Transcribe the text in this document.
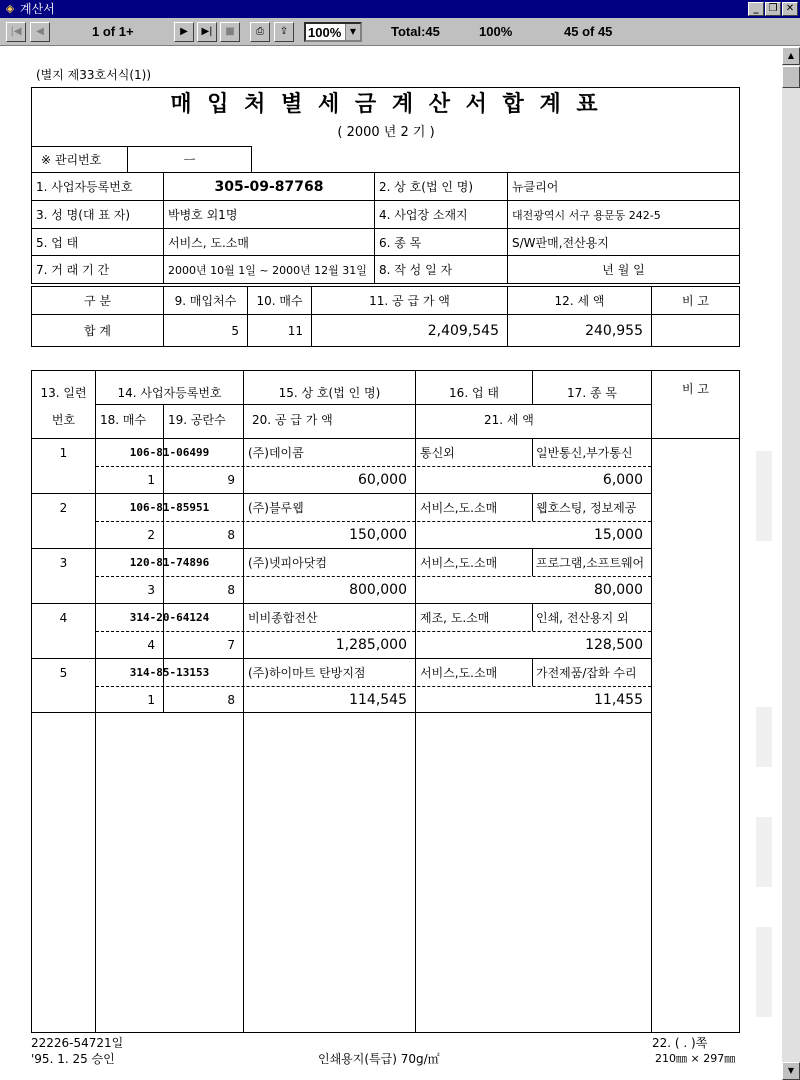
◈ 계산서	_	❐ ✕
|◀	◀	1 of 1+	▶	▶|	■	⎙	⇪	100%	▼	Total:45	100%	45 of 45
▲
▼
(별지 제33호서식(1))
매 입 처 별 세 금 계 산 서 합 계 표
( 2000 년 2 기 )
※ 관리번호	ㅡ
1. 사업자등록번호	305-09-87768	2. 상 호(법 인 명)	뉴클리어
3. 성 명(대 표 자)	박병호 외1명	4. 사업장 소재지	대전광역시 서구 용문동 242-5
5. 업 태	서비스, 도.소매	6. 종 목	S/W판매,전산용지
7. 거 래 기 간	2000년 10월 1일 ~ 2000년 12월 31일	8. 작 성 일 자	년 월 일
구 분	9. 매입처수	10. 매수	11. 공 급 가 액	12. 세 액	비 고
합 계	5	11	2,409,545	240,955
13. 일련	14. 사업자등록번호	15. 상 호(법 인 명)	16. 업 태	17. 종 목	비 고
번호	18. 매수	19. 공란수	20. 공 급 가 액	21. 세 액
1	106-81-06499	(주)데이콤	통신외	일반통신,부가통신
1	9	60,000	6,000
2	106-81-85951	(주)블루웹	서비스,도.소매	웹호스팅, 정보제공
2	8	150,000	15,000
3	120-81-74896	(주)넷피아닷컴	서비스,도.소매	프로그램,소프트웨어
3	8	800,000	80,000
4	314-20-64124	비비종합전산	제조, 도.소매	인쇄, 전산용지 외
4	7	1,285,000	128,500
5	314-85-13153	(주)하이마트 탄방지점	서비스,도.소매	가전제품/잡화 수리
1	8	114,545	11,455
22226-54721일
'95. 1. 25 승인	인쇄용지(특급) 70g/㎡
22. ( . )쪽
210㎜ × 297㎜
